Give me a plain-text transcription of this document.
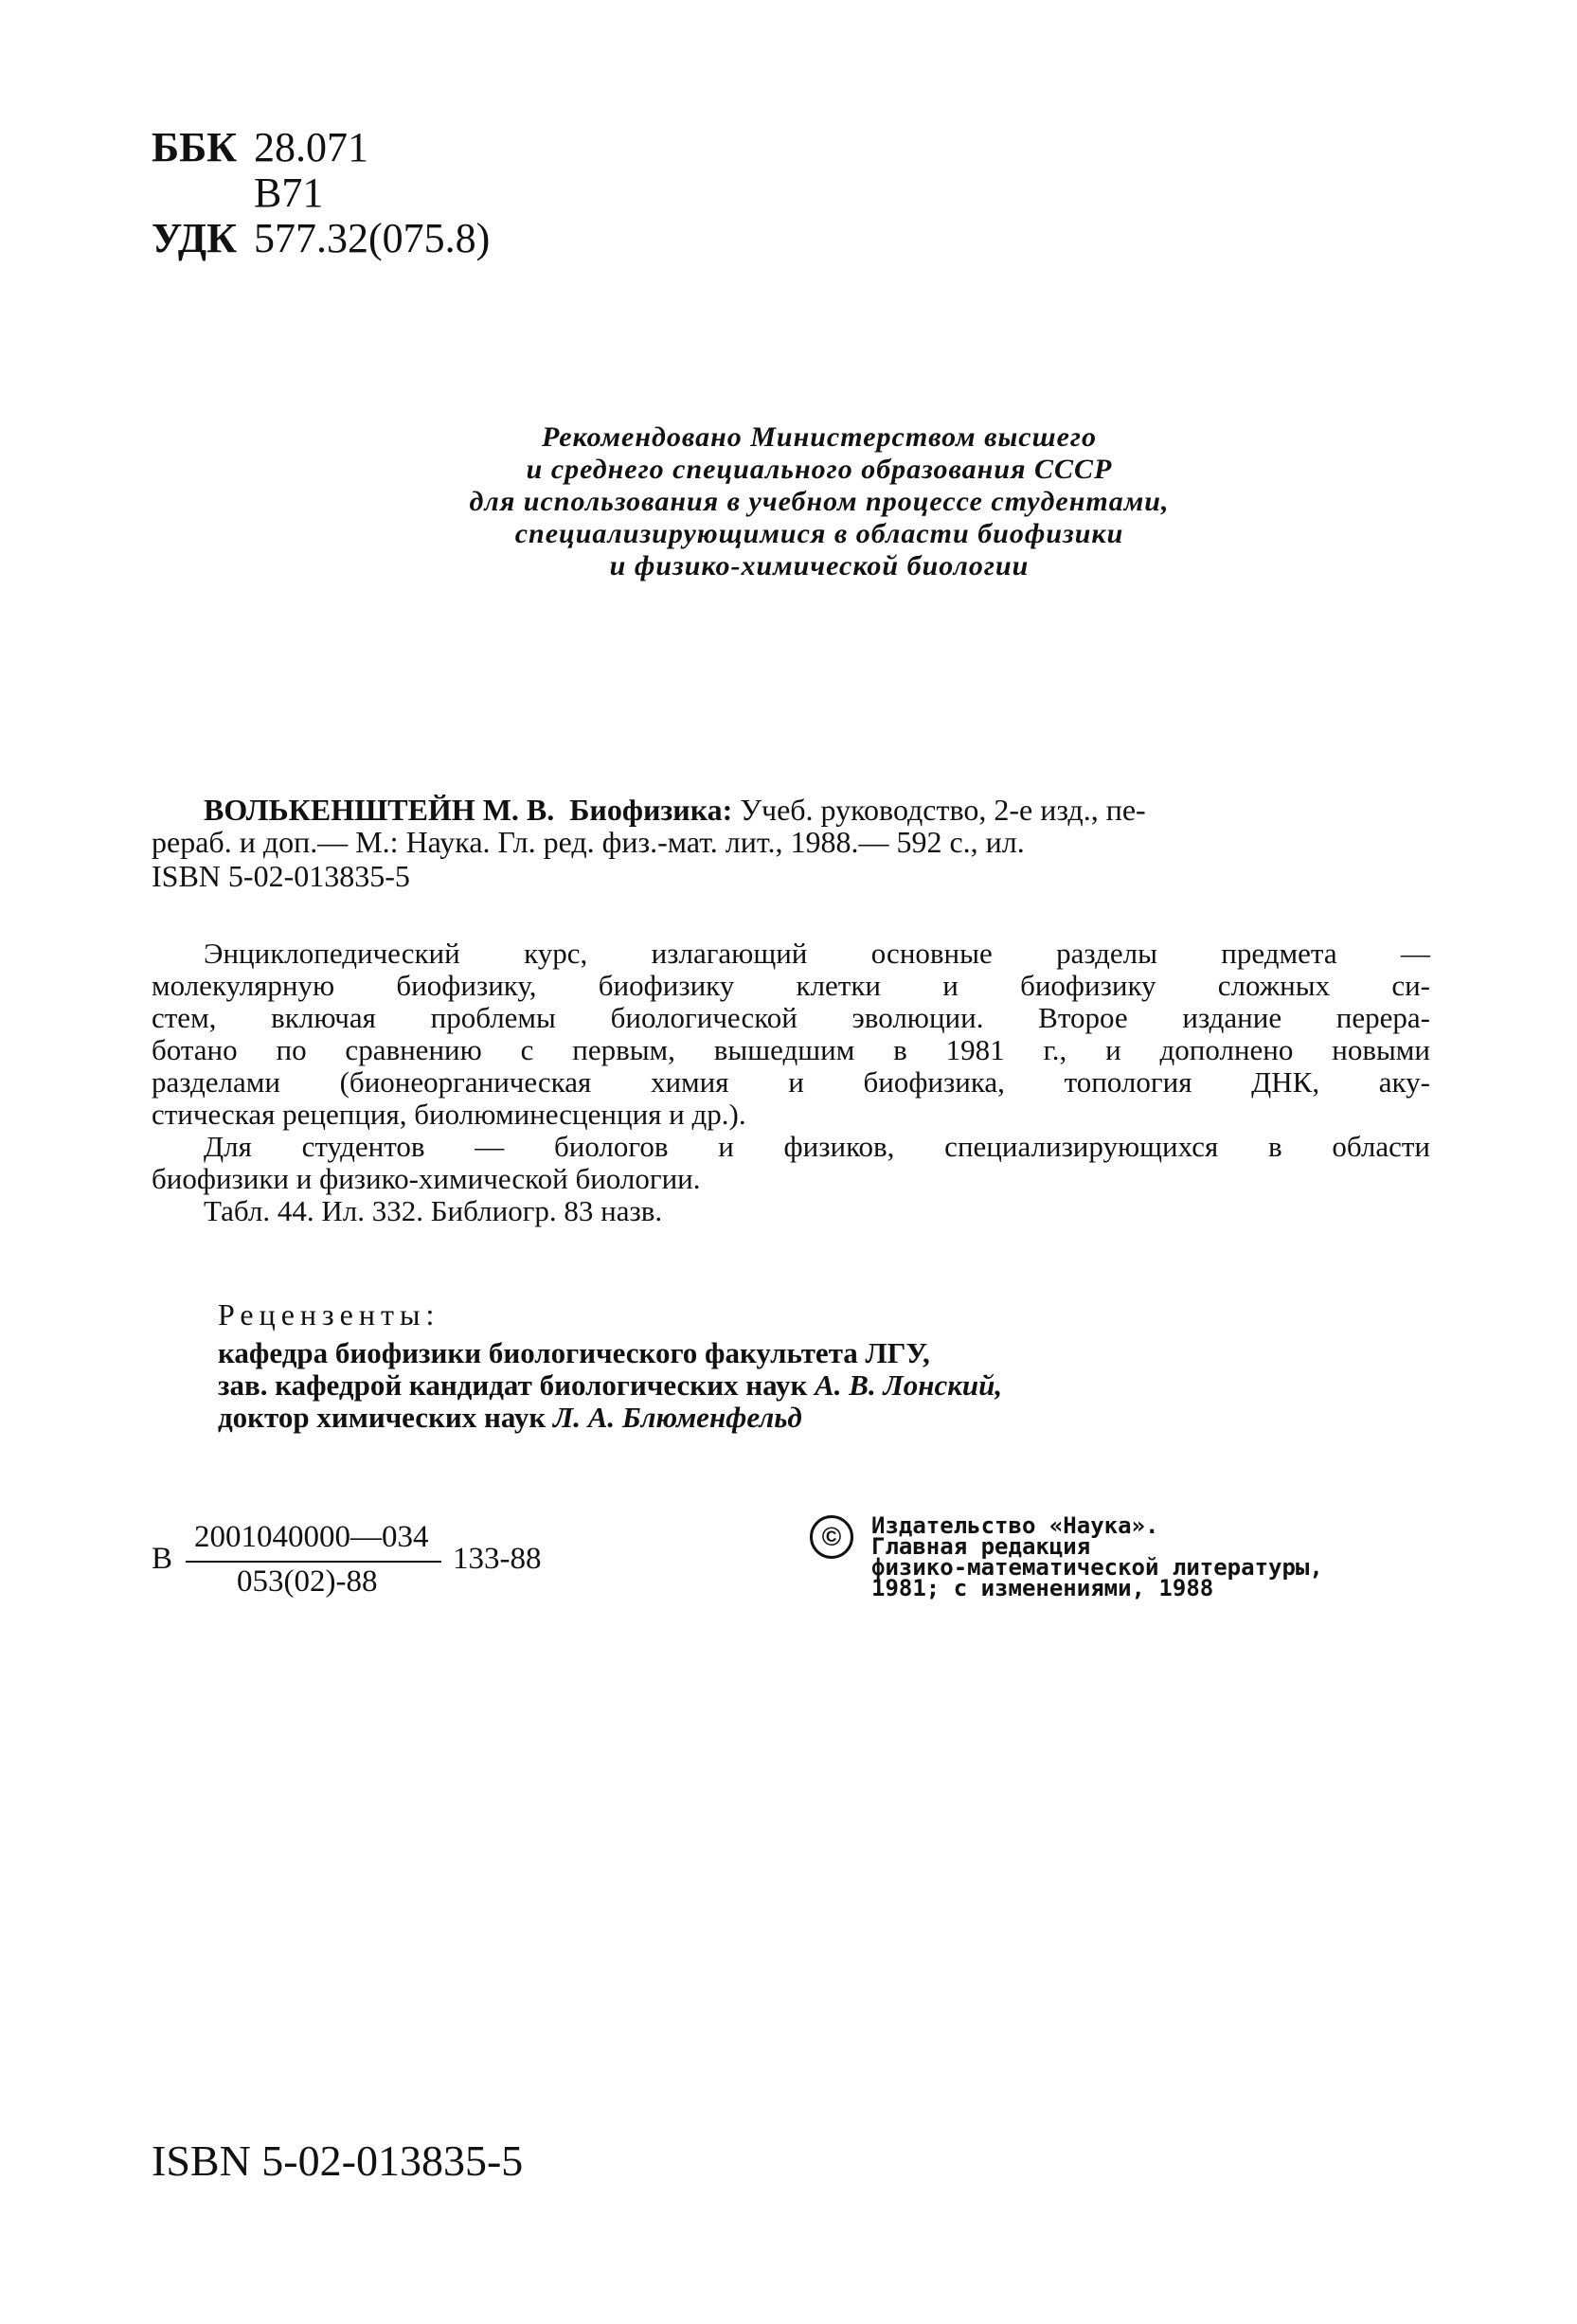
ББК 28.071
В71
УДК 577.32(075.8)
Рекомендовано Министерством высшего
и среднего специального образования СССР
для использования в учебном процессе студентами,
специализирующимися в области биофизики
и физико-химической биологии
ВОЛЬКЕНШТЕЙН М. В. Биофизика: Учеб. руководство, 2-е изд., пе-
рераб. и доп.— М.: Наука. Гл. ред. физ.-мат. лит., 1988.— 592 с., ил.
ISBN 5-02-013835-5
Энциклопедический курс, излагающий основные разделы предмета —
молекулярную биофизику, биофизику клетки и биофизику сложных си-
стем, включая проблемы биологической эволюции. Второе издание перера-
ботано по сравнению с первым, вышедшим в 1981 г., и дополнено новыми
разделами (бионеорганическая химия и биофизика, топология ДНК, аку-
стическая рецепция, биолюминесценция и др.).
Для студентов — биологов и физиков, специализирующихся в области
биофизики и физико-химической биологии.
Табл. 44. Ил. 332. Библиогр. 83 назв.
Рецензенты:
кафедра биофизики биологического факультета ЛГУ,
зав. кафедрой кандидат биологических наук А. В. Лонский,
доктор химических наук Л. А. Блюменфельд
В
2001040000—034
053(02)-88
133-88
©	Издательство «Наука».
Главная редакция
физико-математической литературы,
1981; с изменениями, 1988
ISBN 5-02-013835-5
